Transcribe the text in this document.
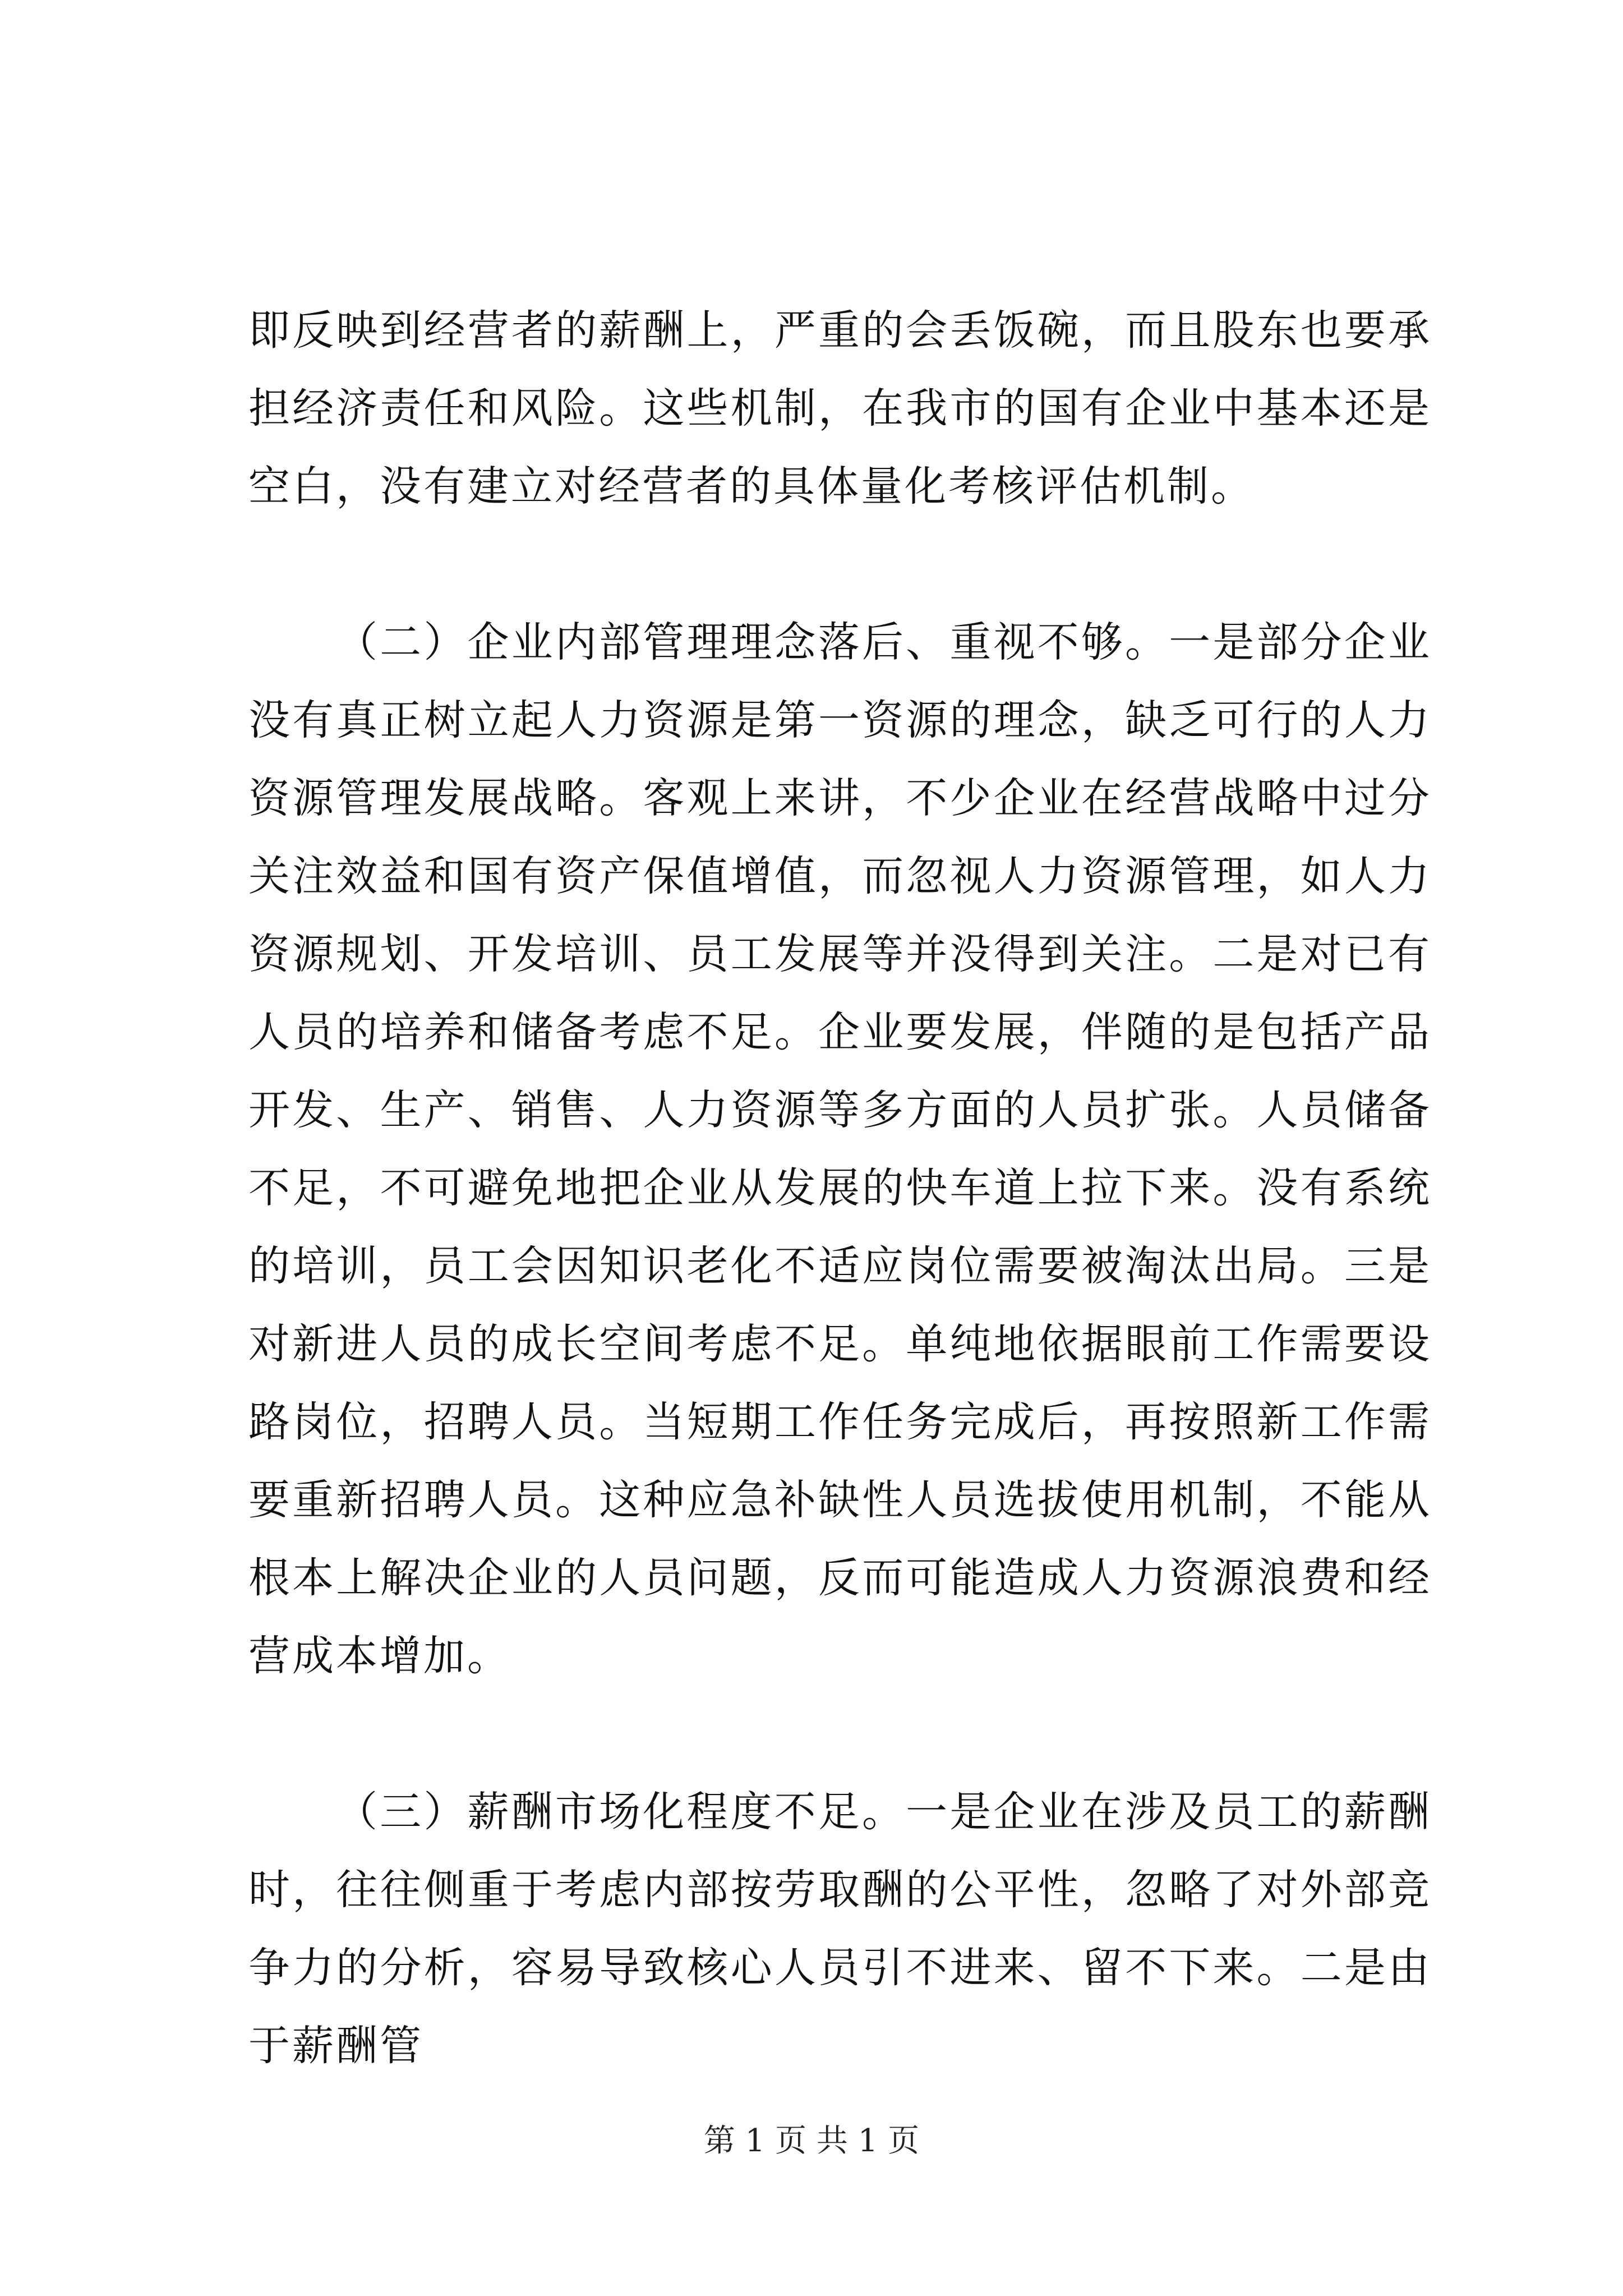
即反映到经营者的薪酬上，严重的会丢饭碗，而且股东也要承担经济责任和风险。这些机制，在我市的国有企业中基本还是空白，没有建立对经营者的具体量化考核评估机制。

（二）企业内部管理理念落后、重视不够。一是部分企业没有真正树立起人力资源是第一资源的理念，缺乏可行的人力资源管理发展战略。客观上来讲，不少企业在经营战略中过分关注效益和国有资产保值增值，而忽视人力资源管理，如人力资源规划、开发培训、员工发展等并没得到关注。二是对已有人员的培养和储备考虑不足。企业要发展，伴随的是包括产品开发、生产、销售、人力资源等多方面的人员扩张。人员储备不足，不可避免地把企业从发展的快车道上拉下来。没有系统的培训，员工会因知识老化不适应岗位需要被淘汰出局。三是对新进人员的成长空间考虑不足。单纯地依据眼前工作需要设路岗位，招聘人员。当短期工作任务完成后，再按照新工作需要重新招聘人员。这种应急补缺性人员选拔使用机制，不能从根本上解决企业的人员问题，反而可能造成人力资源浪费和经营成本增加。

（三）薪酬市场化程度不足。一是企业在涉及员工的薪酬时，往往侧重于考虑内部按劳取酬的公平性，忽略了对外部竞争力的分析，容易导致核心人员引不进来、留不下来。二是由于薪酬管

第 1 页 共 1 页
